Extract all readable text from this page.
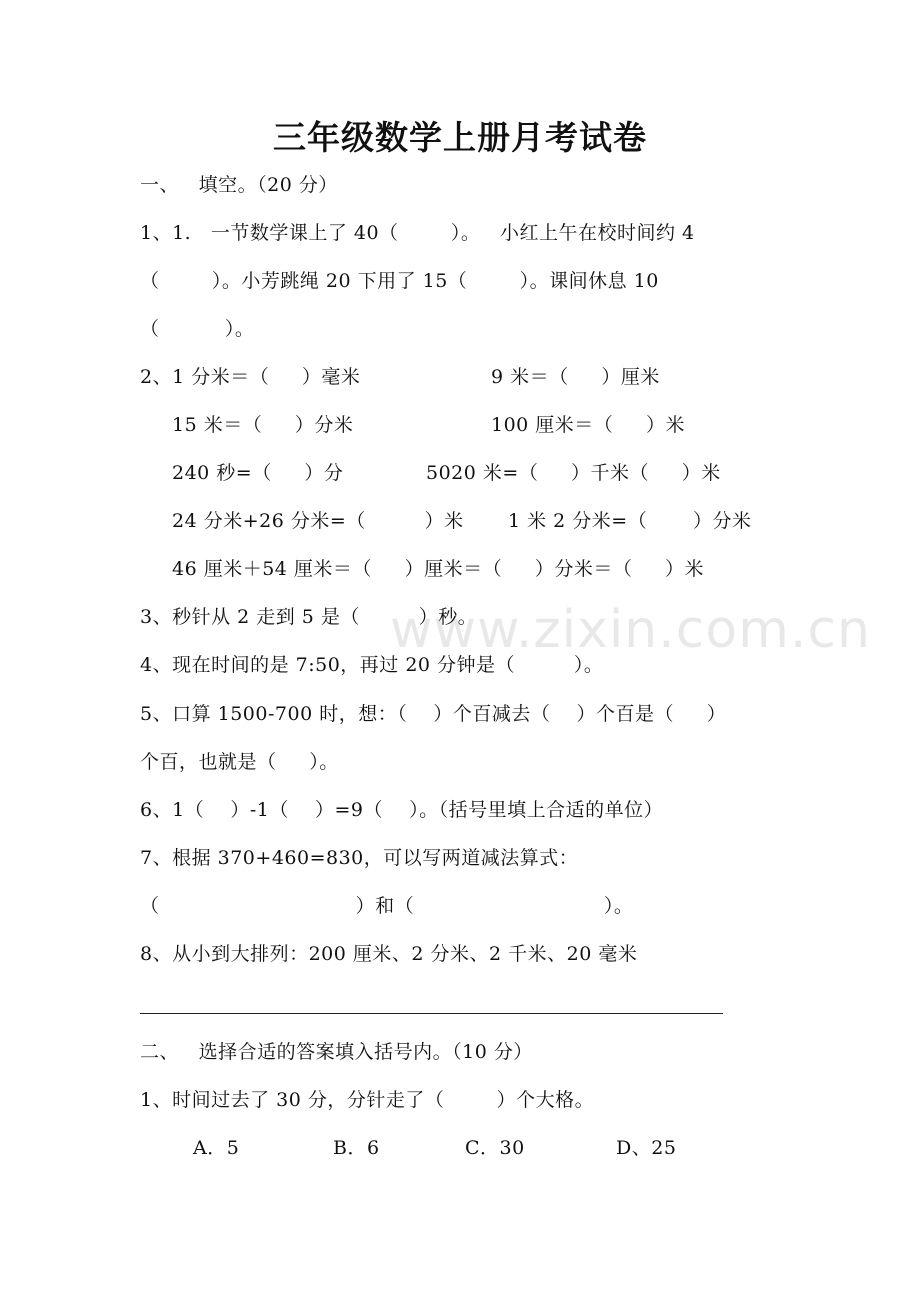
www.zixin.com.cn
三年级数学上册月考试卷
一、   填空。（20 分）
1、1.   一节数学课上了 40（        ）。   小红上午在校时间约 4
（        ）。小芳跳绳 20 下用了 15（        ）。课间休息 10
（          ）。
2、1 分米＝（     ）毫米	9 米＝（     ）厘米
15 米＝（     ）分米	100 厘米＝（     ）米
240 秒=（     ）分	5020 米=（     ）千米（     ）米
24 分米+26 分米=（         ）米 1 米 2 分米=（       ）分米
46 厘米＋54 厘米＝（     ）厘米＝（     ）分米＝（     ）米
3、秒针从 2 走到 5 是（         ）秒。
4、现在时间的是 7:50，再过 20 分钟是（         ）。
5、口算 1500-700 时，想：（    ）个百减去（    ）个百是（     ）
个百，也就是（     ）。
6、1（    ）-1（    ）=9（    ）。（括号里填上合适的单位）
7、根据 370+460=830，可以写两道减法算式：
（                              ）和（                             ）。
8、从小到大排列：200 厘米、2 分米、2 千米、20 毫米
二、   选择合适的答案填入括号内。（10 分）
1、时间过去了 30 分，分针走了（        ）个大格。
A．5	B．6	C．30	D、25
